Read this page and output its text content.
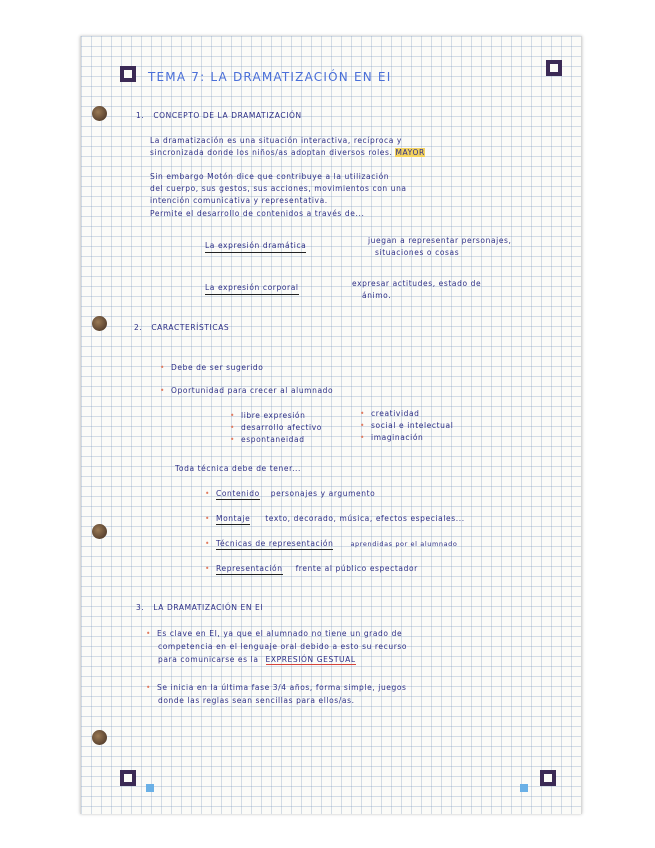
TEMA 7: LA DRAMATIZACIÓN EN EI
1. CONCEPTO DE LA DRAMATIZACIÓN
La dramatización es una situación interactiva, recíproca y
sincronizada donde los niños/as adoptan diversos roles. MAYOR
Sin embargo Motón dice que contribuye a la utilización
del cuerpo, sus gestos, sus acciones, movimientos con una
intención comunicativa y representativa.
Permite el desarrollo de contenidos a través de...
La expresión dramática
juegan a representar personajes,
situaciones o cosas
La expresión corporal	expresar actitudes, estado de
ánimo.
2. CARACTERÍSTICAS
• Debe de ser sugerido
• Oportunidad para crecer al alumnado
• libre expresión
• desarrollo afectivo
• espontaneidad
• creatividad
• social e intelectual
• imaginación
Toda técnica debe de tener...
• Contenido personajes y argumento
• Montaje texto, decorado, música, efectos especiales...
• Técnicas de representación	aprendidas por el alumnado
• Representación frente al público espectador
3. LA DRAMATIZACIÓN EN EI
• Es clave en EI, ya que el alumnado no tiene un grado de
competencia en el lenguaje oral debido a esto su recurso
para comunicarse es la EXPRESIÓN GESTUAL
• Se inicia en la última fase 3/4 años, forma simple, juegos
donde las reglas sean sencillas para ellos/as.
